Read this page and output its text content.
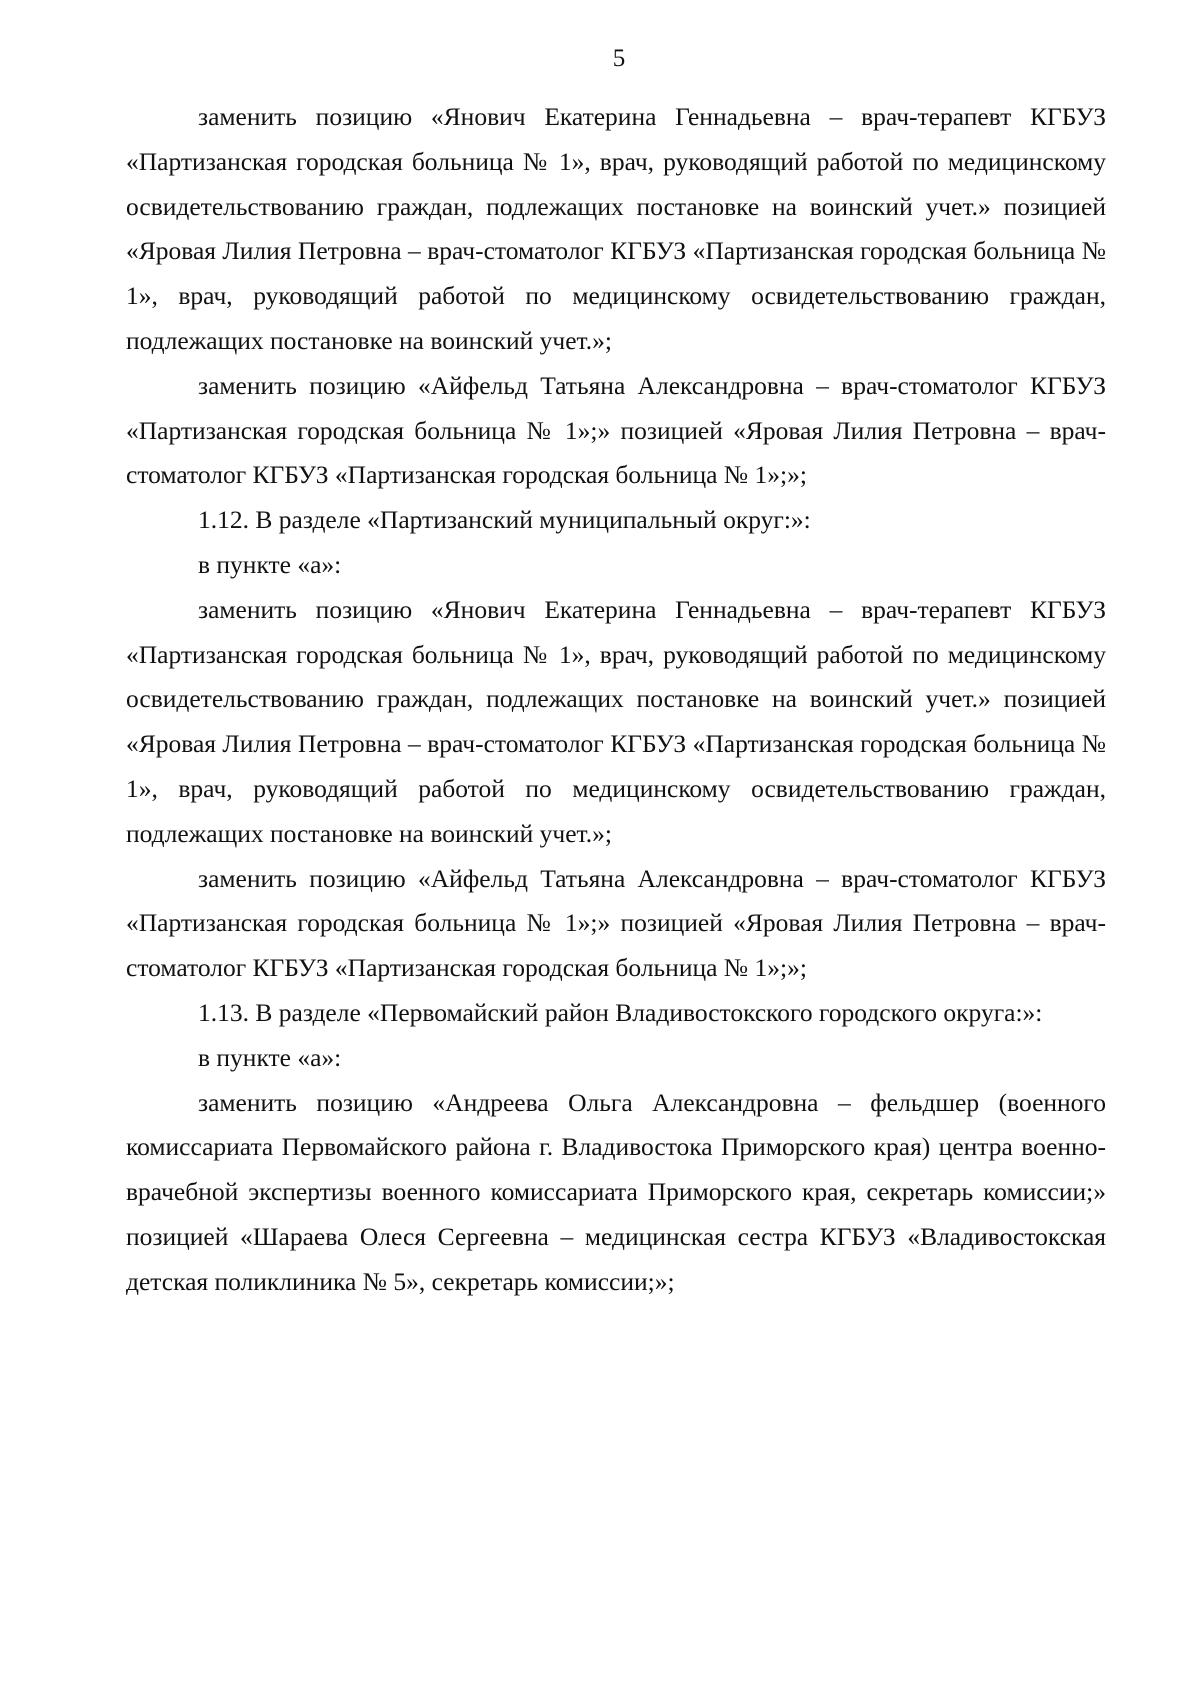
5

заменить позицию «Янович Екатерина Геннадьевна – врач-терапевт КГБУЗ «Партизанская городская больница № 1», врач, руководящий работой по медицинскому освидетельствованию граждан, подлежащих постановке на воинский учет.» позицией «Яровая Лилия Петровна – врач-стоматолог КГБУЗ «Партизанская городская больница № 1», врач, руководящий работой по медицинскому освидетельствованию граждан, подлежащих постановке на воинский учет.»;

заменить позицию «Айфельд Татьяна Александровна – врач-стоматолог КГБУЗ «Партизанская городская больница № 1»;» позицией «Яровая Лилия Петровна – врач-стоматолог КГБУЗ «Партизанская городская больница № 1»;»;

1.12. В разделе «Партизанский муниципальный округ:»:

в пункте «а»:

заменить позицию «Янович Екатерина Геннадьевна – врач-терапевт КГБУЗ «Партизанская городская больница № 1», врач, руководящий работой по медицинскому освидетельствованию граждан, подлежащих постановке на воинский учет.» позицией «Яровая Лилия Петровна – врач-стоматолог КГБУЗ «Партизанская городская больница № 1», врач, руководящий работой по медицинскому освидетельствованию граждан, подлежащих постановке на воинский учет.»;

заменить позицию «Айфельд Татьяна Александровна – врач-стоматолог КГБУЗ «Партизанская городская больница № 1»;» позицией «Яровая Лилия Петровна – врач-стоматолог КГБУЗ «Партизанская городская больница № 1»;»;

1.13. В разделе «Первомайский район Владивостокского городского округа:»:

в пункте «а»:

заменить позицию «Андреева Ольга Александровна – фельдшер (военного комиссариата Первомайского района г. Владивостока Приморского края) центра военно-врачебной экспертизы военного комиссариата Приморского края, секретарь комиссии;» позицией «Шараева Олеся Сергеевна – медицинская сестра КГБУЗ «Владивостокская детская поликлиника № 5», секретарь комиссии;»;
